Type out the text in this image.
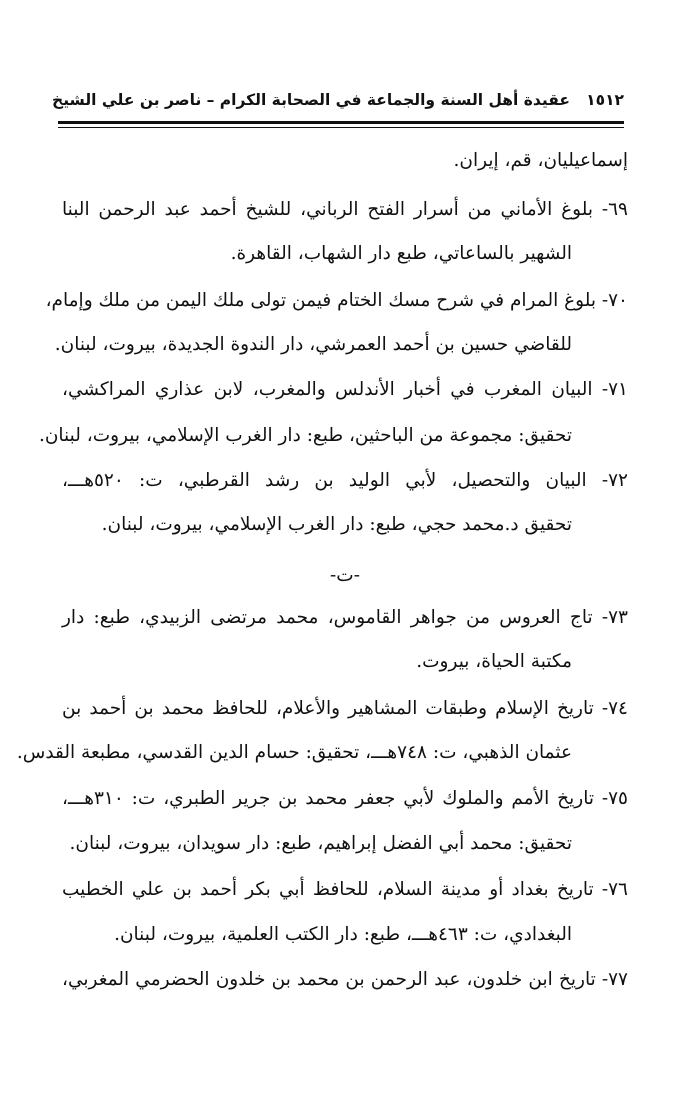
١٥١٢   عقيدة أهل السنة والجماعة في الصحابة الكرام – ناصر بن علي الشيخ
إسماعيليان، قم، إيران.
٦٩- بلوغ الأماني من أسرار الفتح الرباني، للشيخ أحمد عبد الرحمن البنا
الشهير بالساعاتي، طبع دار الشهاب، القاهرة.
٧٠- بلوغ المرام في شرح مسك الختام فيمن تولى ملك اليمن من ملك وإمام،
للقاضي حسين بن أحمد العمرشي، دار الندوة الجديدة، بيروت، لبنان.
٧١- البيان المغرب في أخبار الأندلس والمغرب، لابن عذاري المراكشي،
تحقيق: مجموعة من الباحثين، طبع: دار الغرب الإسلامي، بيروت، لبنان.
٧٢- البيان والتحصيل، لأبي الوليد بن رشد القرطبي، ت: ٥٢٠هـــ،
تحقيق د.محمد حجي، طبع: دار الغرب الإسلامي، بيروت، لبنان.
-ت-
٧٣- تاج العروس من جواهر القاموس، محمد مرتضى الزبيدي، طبع: دار
مكتبة الحياة، بيروت.
٧٤- تاريخ الإسلام وطبقات المشاهير والأعلام، للحافظ محمد بن أحمد بن
عثمان الذهبي، ت: ٧٤٨هـــ، تحقيق: حسام الدين القدسي، مطبعة القدس.
٧٥- تاريخ الأمم والملوك لأبي جعفر محمد بن جرير الطبري، ت: ٣١٠هـــ،
تحقيق: محمد أبي الفضل إبراهيم، طبع: دار سويدان، بيروت، لبنان.
٧٦- تاريخ بغداد أو مدينة السلام، للحافظ أبي بكر أحمد بن علي الخطيب
البغدادي، ت: ٤٦٣هـــ، طبع: دار الكتب العلمية، بيروت، لبنان.
٧٧- تاريخ ابن خلدون، عبد الرحمن بن محمد بن خلدون الحضرمي المغربي،
